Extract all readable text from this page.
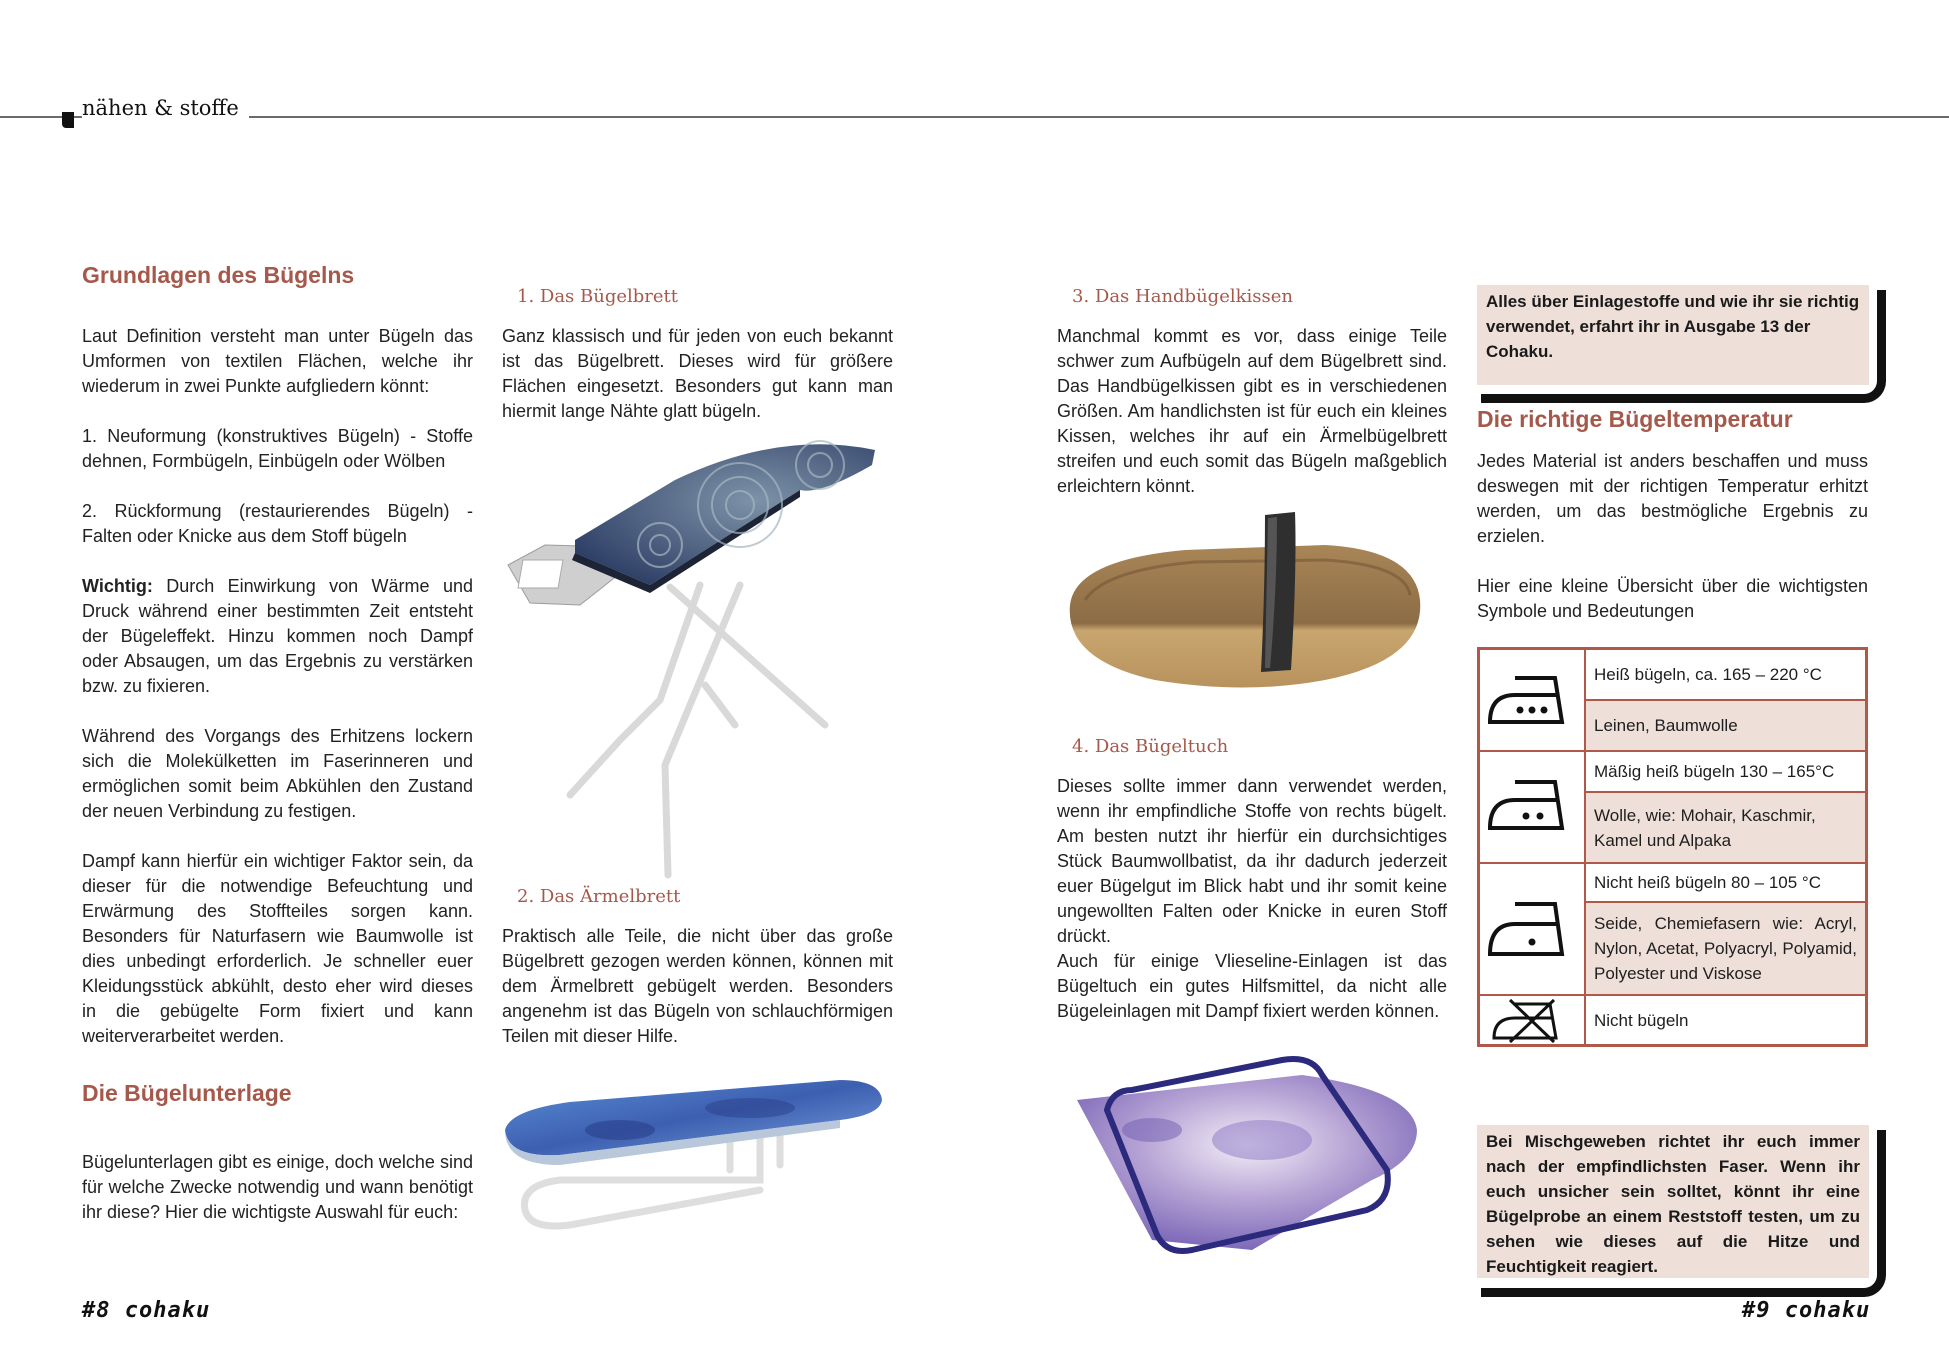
nähen & stoffe
Grundlagen des Bügelns

Laut Definition versteht man unter Bügeln das Umformen von textilen Flächen, welche ihr wiederum in zwei Punkte aufgliedern könnt:

1. Neuformung (konstruktives Bügeln) - Stoffe dehnen, Formbügeln, Einbügeln oder Wölben

2. Rückformung (restaurierendes Bügeln) - Falten oder Knicke aus dem Stoff bügeln

Wichtig: Durch Einwirkung von Wärme und Druck während einer bestimmten Zeit entsteht der Bügeleffekt. Hinzu kommen noch Dampf oder Absaugen, um das Ergebnis zu verstärken bzw. zu fixieren.

Während des Vorgangs des Erhitzens lockern sich die Molekülketten im Faserinneren und ermöglichen somit beim Abkühlen den Zustand der neuen Verbindung zu festigen.

Dampf kann hierfür ein wichtiger Faktor sein, da dieser für die notwendige Befeuchtung und Erwärmung des Stoffteiles sorgen kann. Besonders für Naturfasern wie Baumwolle ist dies unbedingt erforderlich. Je schneller euer Kleidungsstück abkühlt, desto eher wird dieses in die gebügelte Form fixiert und kann weiterverarbeitet werden.

Die Bügelunterlage
Bügelunterlagen gibt es einige, doch welche sind für welche Zwecke notwendig und wann benötigt ihr diese? Hier die wichtigste Auswahl für euch:
1. Das Bügelbrett
Ganz klassisch und für jeden von euch bekannt ist das Bügelbrett. Dieses wird für größere Flächen eingesetzt. Besonders gut kann man hiermit lange Nähte glatt bügeln.
2. Das Ärmelbrett
Praktisch alle Teile, die nicht über das große Bügelbrett gezogen werden können, können mit dem Ärmelbrett gebügelt werden. Besonders angenehm ist das Bügeln von schlauchförmigen Teilen mit dieser Hilfe.
3. Das Handbügelkissen
Manchmal kommt es vor, dass einige Teile schwer zum Aufbügeln auf dem Bügelbrett sind. Das Handbügelkissen gibt es in verschiedenen Größen. Am handlichsten ist für euch ein kleines Kissen, welches ihr auf ein Ärmelbügelbrett streifen und euch somit das Bügeln maßgeblich erleichtern könnt.
4. Das Bügeltuch

Dieses sollte immer dann verwendet werden, wenn ihr empfindliche Stoffe von rechts bügelt. Am besten nutzt ihr hierfür ein durchsichtiges Stück Baumwollbatist, da ihr dadurch jederzeit euer Bügelgut im Blick habt und ihr somit keine ungewollten Falten oder Knicke in euren Stoff drückt.

Auch für einige Vlieseline-Einlagen ist das Bügeltuch ein gutes Hilfsmittel, da nicht alle Bügeleinlagen mit Dampf fixiert werden können.

Alles über Einlagestoffe und wie ihr sie richtig verwendet, erfahrt ihr in Ausgabe 13 der Cohaku.
Die richtige Bügeltemperatur

Jedes Material ist anders beschaffen und muss deswegen mit der richtigen Temperatur erhitzt werden, um das bestmögliche Ergebnis zu erzielen.

Hier eine kleine Übersicht über die wichtigsten Symbole und Bedeutungen

	Heiß bügeln, ca. 165 – 220 °C
	Leinen, Baumwolle

	Mäßig heiß bügeln 130 – 165°C
	Wolle, wie: Mohair, Kaschmir, Kamel und Alpaka

	Nicht heiß bügeln 80 – 105 °C
	Seide, Chemiefasern wie: Acryl, Nylon, Acetat, Polyacryl, Polyamid, Polyester und Viskose

	Nicht bügeln
Bei Mischgeweben richtet ihr euch immer nach der empfindlichsten Faser. Wenn ihr euch unsicher sein solltet, könnt ihr eine Bügelprobe an einem Reststoff testen, um zu sehen wie dieses auf die Hitze und Feuchtigkeit reagiert.
#8 cohaku	#9 cohaku
